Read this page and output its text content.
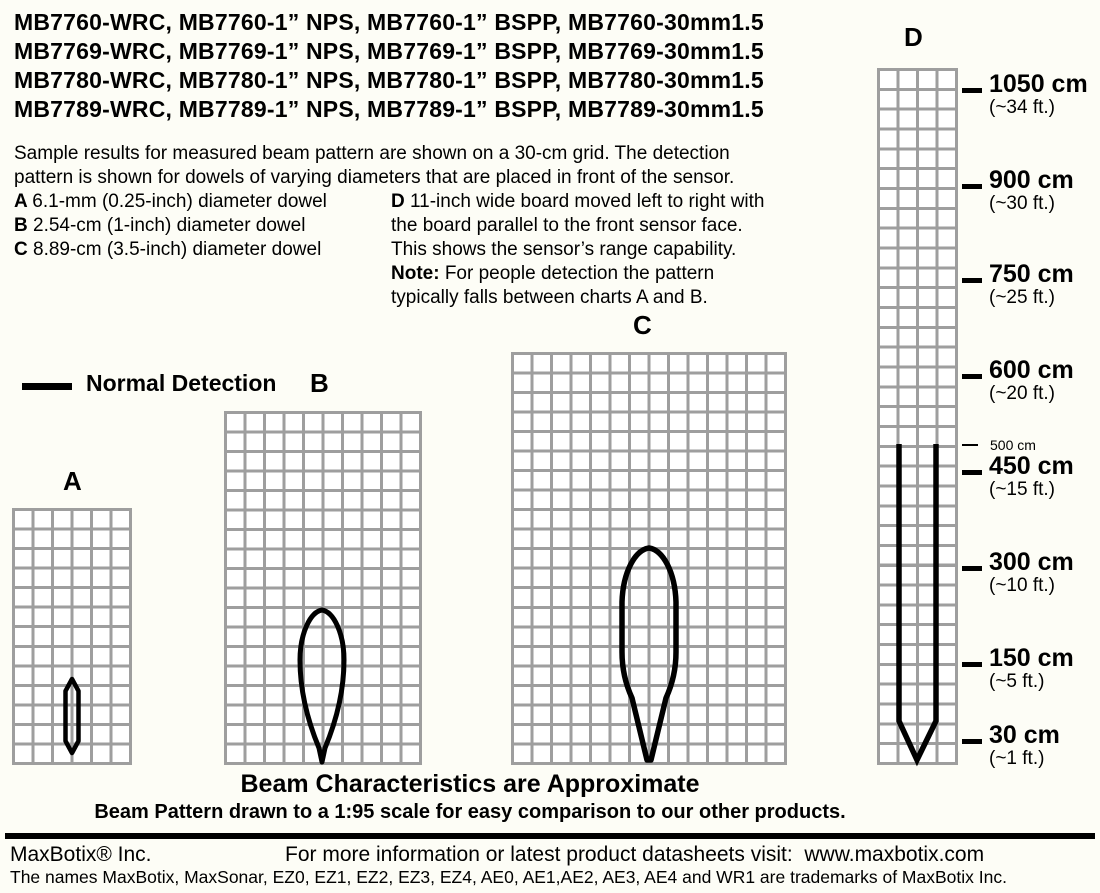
MB7760-WRC, MB7760-1” NPS, MB7760-1” BSPP, MB7760-30mm1.5
MB7769-WRC, MB7769-1” NPS, MB7769-1” BSPP, MB7769-30mm1.5
MB7780-WRC, MB7780-1” NPS, MB7780-1” BSPP, MB7780-30mm1.5
MB7789-WRC, MB7789-1” NPS, MB7789-1” BSPP, MB7789-30mm1.5
Sample results for measured beam pattern are shown on a 30-cm grid. The detection
pattern is shown for dowels of varying diameters that are placed in front of the sensor.
A 6.1-mm (0.25-inch) diameter dowel
B 2.54-cm (1-inch) diameter dowel
C 8.89-cm (3.5-inch) diameter dowel
D 11-inch wide board moved left to right with
the board parallel to the front sensor face.
This shows the sensor’s range capability.
Note: For people detection the pattern
typically falls between charts A and B.
Normal Detection
A
B
C
D
1050 cm
(~34 ft.)
900 cm
(~30 ft.)
750 cm
(~25 ft.)
600 cm
(~20 ft.)
500 cm
450 cm
(~15 ft.)
300 cm
(~10 ft.)
150 cm
(~5 ft.)
30 cm
(~1 ft.)
Beam Characteristics are Approximate
Beam Pattern drawn to a 1:95 scale for easy comparison to our other products.
MaxBotix® Inc.	For more information or latest product datasheets visit:  www.maxbotix.com
The names MaxBotix, MaxSonar, EZ0, EZ1, EZ2, EZ3, EZ4, AE0, AE1,AE2, AE3, AE4 and WR1 are trademarks of MaxBotix Inc.
